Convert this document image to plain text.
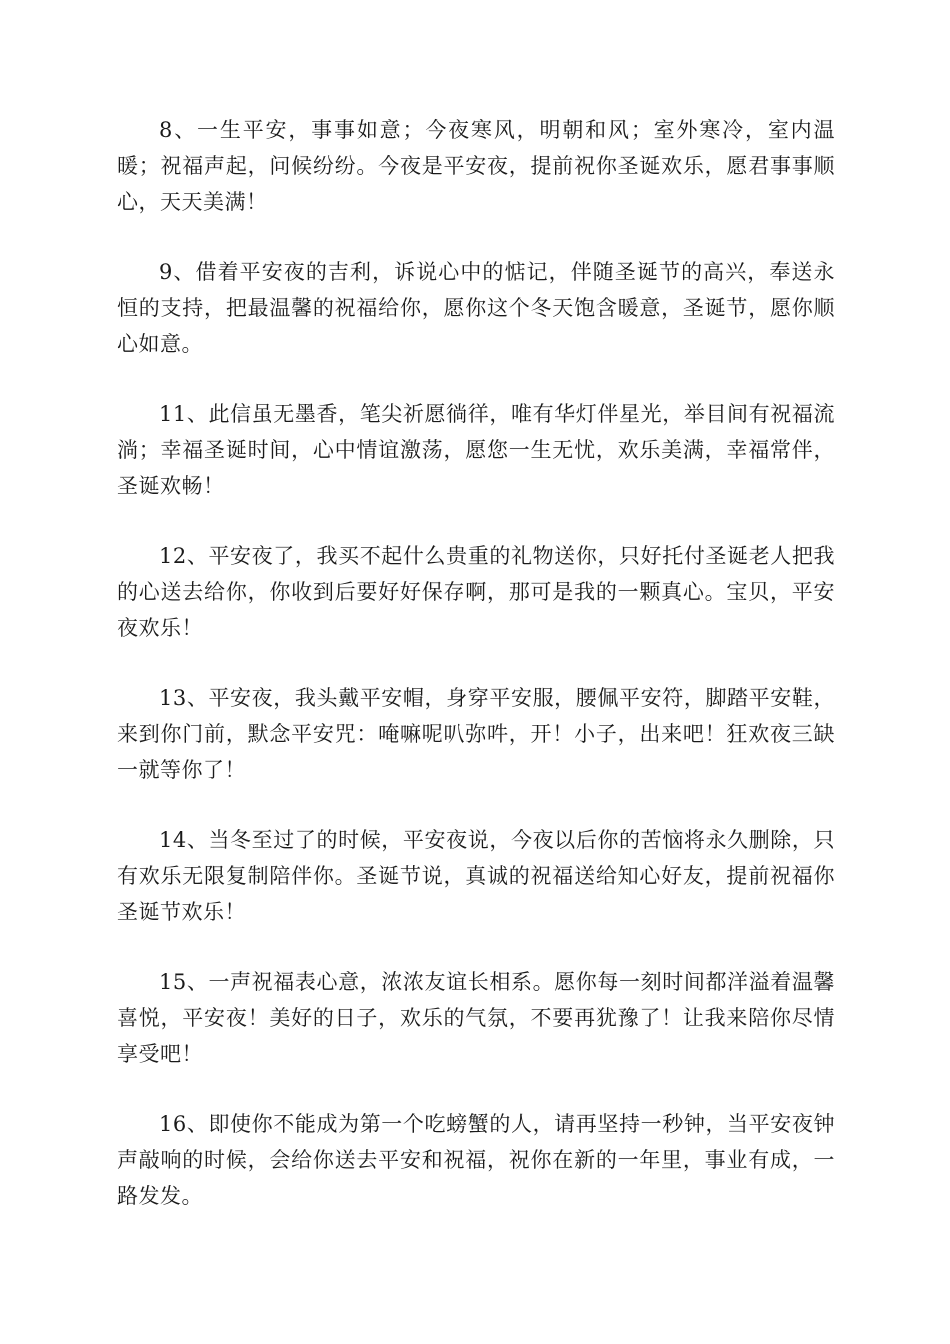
8、一生平安，事事如意；今夜寒风，明朝和风；室外寒冷，室内温暖；祝福声起，问候纷纷。今夜是平安夜，提前祝你圣诞欢乐，愿君事事顺心，天天美满！

9、借着平安夜的吉利，诉说心中的惦记，伴随圣诞节的高兴，奉送永恒的支持，把最温馨的祝福给你，愿你这个冬天饱含暖意，圣诞节，愿你顺心如意。

11、此信虽无墨香，笔尖祈愿徜徉，唯有华灯伴星光，举目间有祝福流淌；幸福圣诞时间，心中情谊激荡，愿您一生无忧，欢乐美满，幸福常伴，圣诞欢畅！

12、平安夜了，我买不起什么贵重的礼物送你，只好托付圣诞老人把我的心送去给你，你收到后要好好保存啊，那可是我的一颗真心。宝贝，平安夜欢乐！

13、平安夜，我头戴平安帽，身穿平安服，腰佩平安符，脚踏平安鞋，来到你门前，默念平安咒：唵嘛呢叭弥吽，开！小子，出来吧！狂欢夜三缺一就等你了！

14、当冬至过了的时候，平安夜说，今夜以后你的苦恼将永久删除，只有欢乐无限复制陪伴你。圣诞节说，真诚的祝福送给知心好友，提前祝福你圣诞节欢乐！

15、一声祝福表心意，浓浓友谊长相系。愿你每一刻时间都洋溢着温馨喜悦，平安夜！美好的日子，欢乐的气氛，不要再犹豫了！让我来陪你尽情享受吧！

16、即使你不能成为第一个吃螃蟹的人，请再坚持一秒钟，当平安夜钟声敲响的时候，会给你送去平安和祝福，祝你在新的一年里，事业有成，一路发发。
